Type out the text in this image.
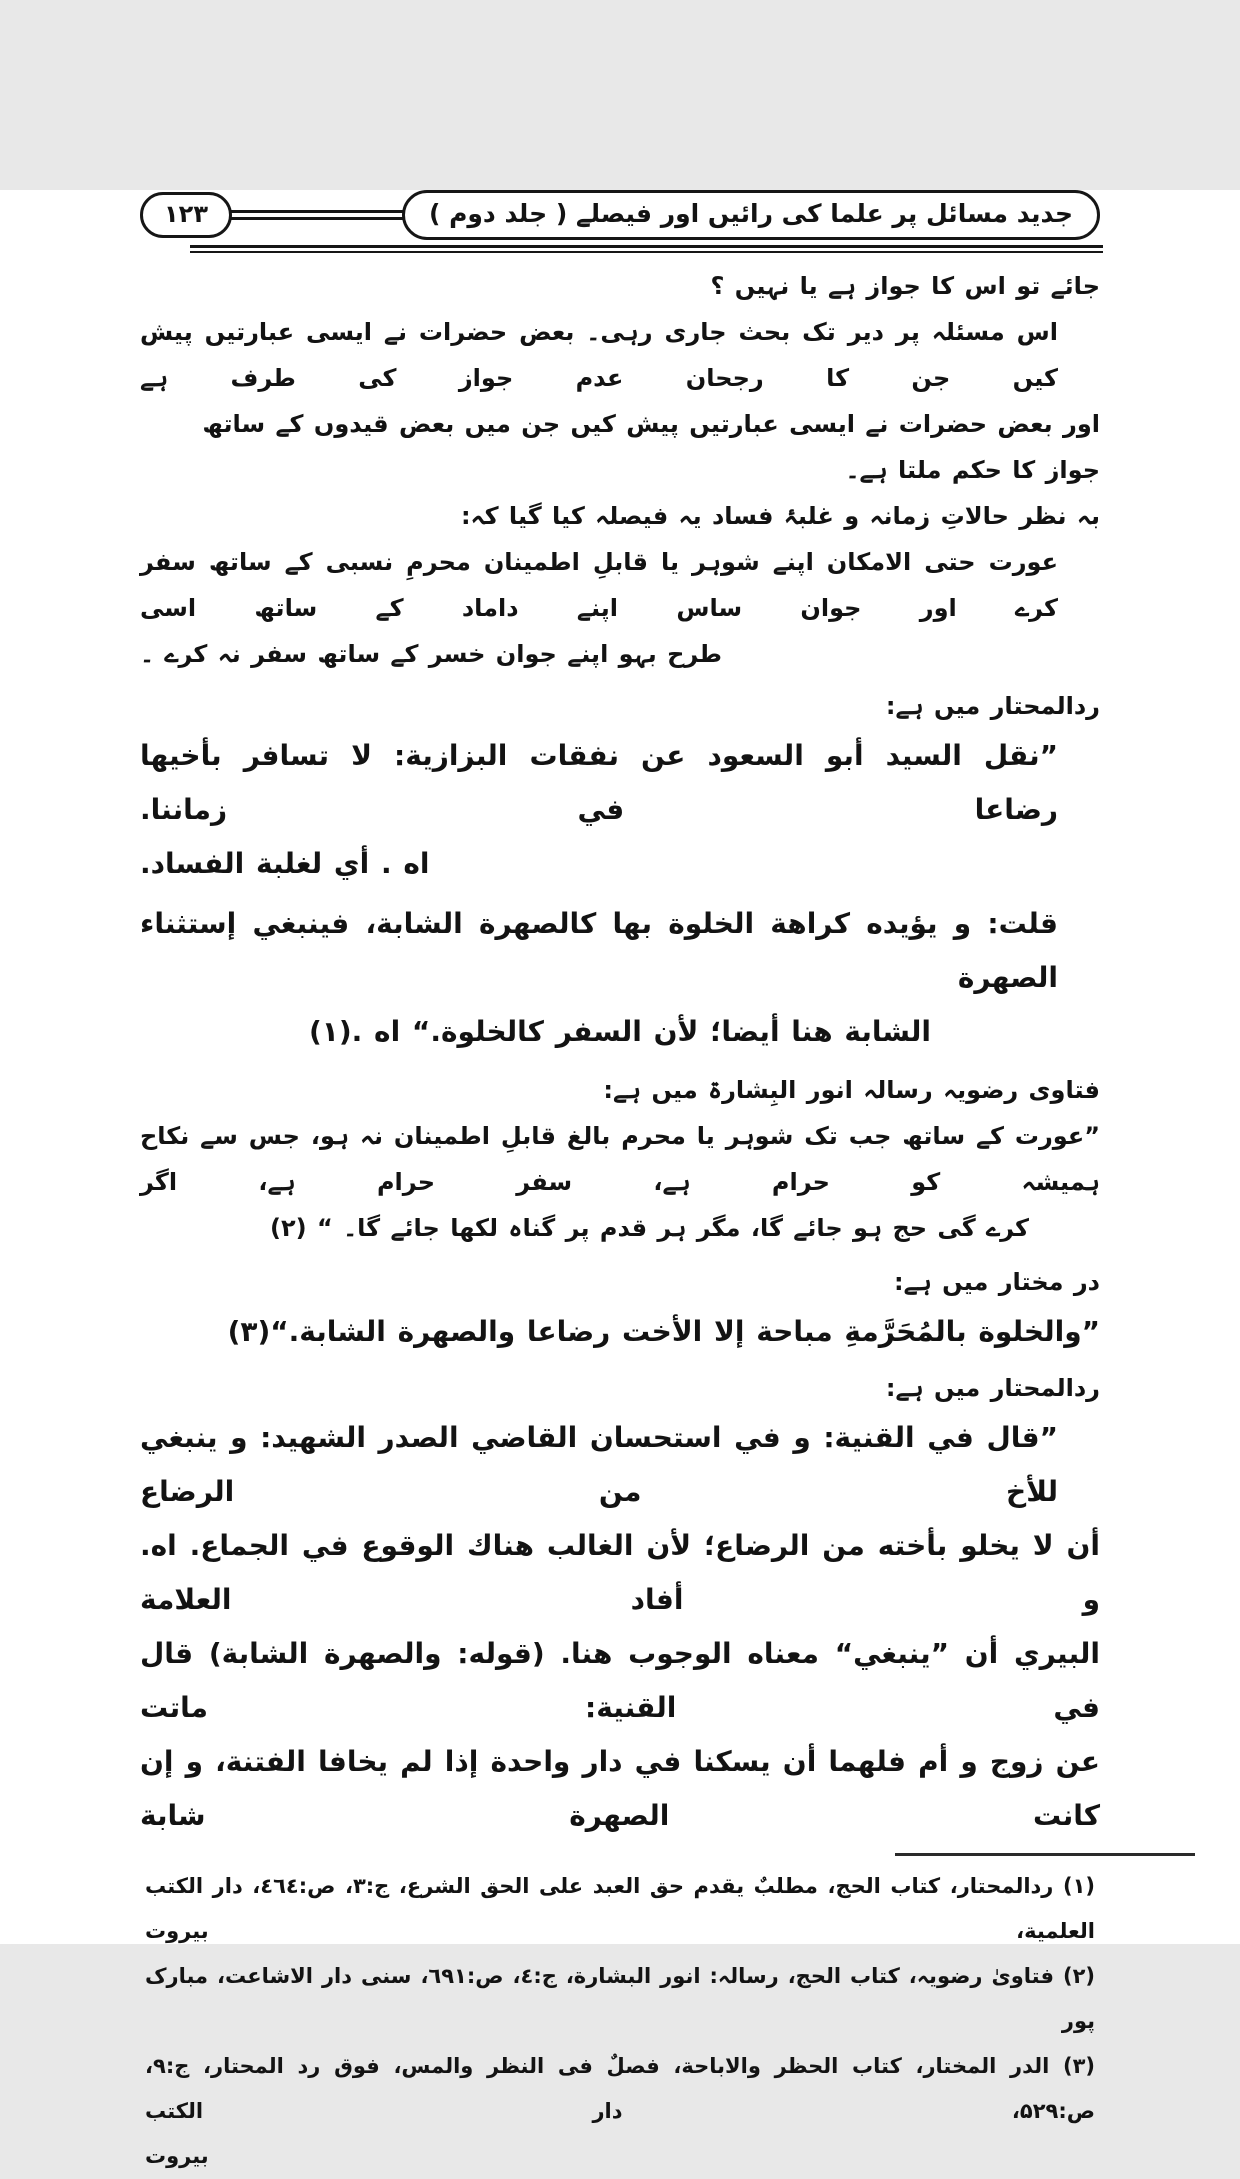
۱۲۳	جدید مسائل پر علما کی رائیں اور فیصلے ( جلد دوم )
جائے تو اس کا جواز ہے یا نہیں ؟
اس مسئلہ پر دیر تک بحث جاری رہی۔ بعض حضرات نے ایسی عبارتیں پیش کیں جن کا رجحان عدم جواز کی طرف ہے
اور بعض حضرات نے ایسی عبارتیں پیش کیں جن میں بعض قیدوں کے ساتھ جواز کا حکم ملتا ہے۔
بہ نظر حالاتِ زمانہ و غلبۂ فساد یہ فیصلہ کیا گیا کہ:
عورت حتی الامکان اپنے شوہر یا قابلِ اطمینان محرمِ نسبی کے ساتھ سفر کرے اور جوان ساس اپنے داماد کے ساتھ اسی
طرح بہو اپنے جوان خسر کے ساتھ سفر نہ کرے ۔
ردالمحتار میں ہے:
”نقل السيد أبو السعود عن نفقات البزازية: لا تسافر بأخيها رضاعا في زماننا.
اه . أي لغلبة الفساد.
قلت: و يؤيده كراهة الخلوة بها كالصهرة الشابة، فينبغي إستثناء الصهرة
الشابة هنا أيضا؛ لأن السفر كالخلوة.“ اه .(۱)
فتاوی رضویہ رسالہ انور البِشارۃ میں ہے:
”عورت کے ساتھ جب تک شوہر یا محرم بالغ قابلِ اطمینان نہ ہو، جس سے نکاح ہمیشہ کو حرام ہے، سفر حرام ہے، اگر
کرے گی حج ہو جائے گا، مگر ہر قدم پر گناہ لکھا جائے گا۔ “ (۲)
در مختار میں ہے:
”والخلوة بالمُحَرَّمةِ مباحة إلا الأخت رضاعا والصهرة الشابة.“(۳)
ردالمحتار میں ہے:
”قال في القنية: و في استحسان القاضي الصدر الشهيد: و ينبغي للأخ من الرضاع
أن لا يخلو بأخته من الرضاع؛ لأن الغالب هناك الوقوع في الجماع. اه. و أفاد العلامة
البيري أن ”ينبغي“ معناه الوجوب هنا. (قوله: والصهرة الشابة) قال في القنية: ماتت
عن زوج و أم فلهما أن يسكنا في دار واحدة إذا لم يخافا الفتنة، و إن كانت الصهرة شابة
(۱) ردالمحتار، کتاب الحج، مطلبٌ یقدم حق العبد علی الحق الشرع، ج:۳، ص:٤٦٤، دار الکتب العلمیة، بیروت
(۲) فتاویٰ رضویہ، کتاب الحج، رسالہ: انور البشارة، ج:٤، ص:٦٩١، سنی دار الاشاعت، مبارک پور
(۳) الدر المختار، کتاب الحظر والاباحة، فصلٌ فی النظر والمس، فوق رد المحتار، ج:۹، ص:۵۲۹، دار الکتب
بیروت
